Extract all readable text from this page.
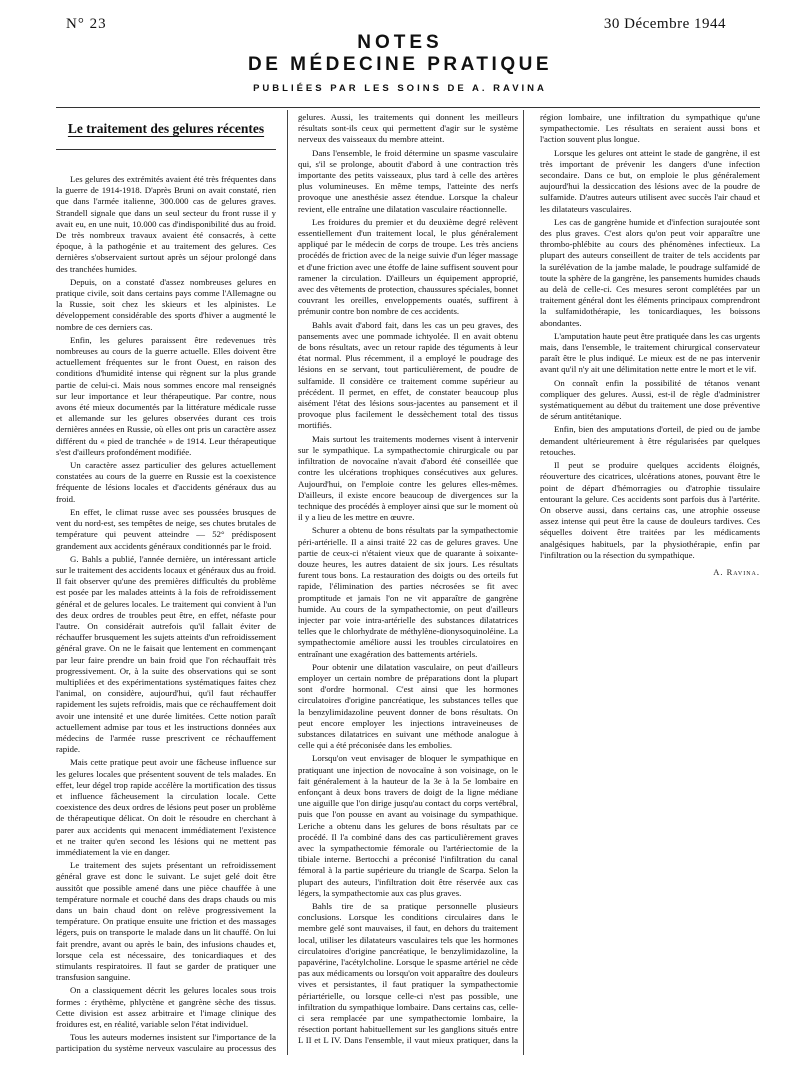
N° 23	30 Décembre 1944
NOTES
DE MÉDECINE PRATIQUE
PUBLIÉES PAR LES SOINS DE A. RAVINA
Le traitement des gelures récentes

Les gelures des extrémités avaient été très fréquentes dans la guerre de 1914-1918. D'après Bruni on avait constaté, rien que dans l'armée italienne, 300.000 cas de gelures graves. Strandell signale que dans un seul secteur du front russe il y avait eu, en une nuit, 10.000 cas d'indisponibilité dus au froid. De très nombreux travaux avaient été consacrés, à cette époque, à la pathogénie et au traitement des gelures. Ces dernières s'observaient surtout après un séjour prolongé dans des tranchées humides.

Depuis, on a constaté d'assez nombreuses gelures en pratique civile, soit dans certains pays comme l'Allemagne ou la Russie, soit chez les skieurs et les alpinistes. Le développement considérable des sports d'hiver a augmenté le nombre de ces derniers cas.

Enfin, les gelures paraissent être redevenues très nombreuses au cours de la guerre actuelle. Elles doivent être actuellement fréquentes sur le front Ouest, en raison des conditions d'humidité intense qui règnent sur la plus grande partie de celui-ci. Mais nous sommes encore mal renseignés sur leur importance et leur thérapeutique. Par contre, nous avons été mieux documentés par la littérature médicale russe et allemande sur les gelures observées durant ces trois dernières années en Russie, où elles ont pris un caractère assez différent du « pied de tranchée » de 1914. Leur thérapeutique s'est d'ailleurs profondément modifiée.

Un caractère assez particulier des gelures actuellement constatées au cours de la guerre en Russie est la coexistence fréquente de lésions locales et d'accidents généraux dus au froid.

En effet, le climat russe avec ses poussées brusques de vent du nord-est, ses tempêtes de neige, ses chutes brutales de température qui peuvent atteindre — 52° prédisposent grandement aux accidents généraux conditionnés par le froid.

G. Bahls a publié, l'année dernière, un intéressant article sur le traitement des accidents locaux et généraux dus au froid. Il fait observer qu'une des premières difficultés du problème est posée par les malades atteints à la fois de refroidissement général et de gelures locales. Le traitement qui convient à l'un des deux ordres de troubles peut être, en effet, néfaste pour l'autre. On considérait autrefois qu'il fallait éviter de réchauffer brusquement les sujets atteints d'un refroidissement général grave. On ne le faisait que lentement en commençant par leur faire prendre un bain froid que l'on réchauffait très progressivement. Or, à la suite des observations qui se sont multipliées et des expérimentations systématiques faites chez l'animal, on considère, aujourd'hui, qu'il faut réchauffer rapidement les sujets refroidis, mais que ce réchauffement doit avoir une intensité et une durée limitées. Cette notion paraît actuellement admise par tous et les instructions données aux médecins de l'armée russe prescrivent ce réchauffement rapide.

Mais cette pratique peut avoir une fâcheuse influence sur les gelures locales que présentent souvent de tels malades. En effet, leur dégel trop rapide accélère la mortification des tissus et influence fâcheusement la circulation locale. Cette coexistence des deux ordres de lésions peut poser un problème de thérapeutique délicat. On doit le résoudre en cherchant à parer aux accidents qui menacent immédiatement l'existence et ne traiter qu'en second les lésions qui ne mettent pas immédiatement la vie en danger.

Le traitement des sujets présentant un refroidissement général grave est donc le suivant. Le sujet gelé doit être aussitôt que possible amené dans une pièce chauffée à une température normale et couché dans des draps chauds ou mis dans un bain chaud dont on relève progressivement la température. On pratique ensuite une friction et des massages légers, puis on transporte le malade dans un lit chauffé. On lui fait prendre, avant ou après le bain, des infusions chaudes et, lorsque cela est nécessaire, des tonicardiaques et des stimulants respiratoires. Il faut se garder de pratiquer une transfusion sanguine.

On a classiquement décrit les gelures locales sous trois formes : érythème, phlyctène et gangrène sèche des tissus. Cette division est assez arbitraire et l'image clinique des froidures est, en réalité, variable selon l'état individuel.

Tous les auteurs modernes insistent sur l'importance de la participation du système nerveux vasculaire au processus des gelures. Aussi, les traitements qui donnent les meilleurs résultats sont-ils ceux qui permettent d'agir sur le système nerveux des vaisseaux du membre atteint.

Dans l'ensemble, le froid détermine un spasme vasculaire qui, s'il se prolonge, aboutit d'abord à une contraction très importante des petits vaisseaux, plus tard à celle des artères plus volumineuses. En même temps, l'atteinte des nerfs provoque une anesthésie assez étendue. Lorsque la chaleur revient, elle entraîne une dilatation vasculaire réactionnelle.

Les froidures du premier et du deuxième degré relèvent essentiellement d'un traitement local, le plus généralement appliqué par le médecin de corps de troupe. Les très anciens procédés de friction avec de la neige suivie d'un léger massage et d'une friction avec une étoffe de laine suffisent souvent pour ramener la circulation. D'ailleurs un équipement approprié, avec des vêtements de protection, chaussures spéciales, bonnet couvrant les oreilles, enveloppements ouatés, suffirent à prémunir contre bon nombre de ces accidents.

Bahls avait d'abord fait, dans les cas un peu graves, des pansements avec une pommade ichtyolée. Il en avait obtenu de bons résultats, avec un retour rapide des téguments à leur état normal. Plus récemment, il a employé le poudrage des lésions en se servant, tout particulièrement, de poudre de sulfamide. Il considère ce traitement comme supérieur au précédent. Il permet, en effet, de constater beaucoup plus aisément l'état des lésions sous-jacentes au pansement et il provoque plus facilement le dessèchement total des tissus mortifiés.

Mais surtout les traitements modernes visent à intervenir sur le sympathique. La sympathectomie chirurgicale ou par infiltration de novocaïne n'avait d'abord été conseillée que contre les ulcérations trophiques consécutives aux gelures. Aujourd'hui, on l'emploie contre les gelures elles-mêmes. D'ailleurs, il existe encore beaucoup de divergences sur la technique des procédés à employer ainsi que sur le moment où il y a lieu de les mettre en œuvre.

Schurer a obtenu de bons résultats par la sympathectomie péri-artérielle. Il a ainsi traité 22 cas de gelures graves. Une partie de ceux-ci n'étaient vieux que de quarante à soixante-douze heures, les autres dataient de six jours. Les résultats furent tous bons. La restauration des doigts ou des orteils fut rapide, l'élimination des parties nécrosées se fit avec promptitude et jamais l'on ne vit apparaître de gangrène humide. Au cours de la sympathectomie, on peut d'ailleurs injecter par voie intra-artérielle des substances dilatatrices telles que le chlorhydrate de méthylène-dionysoquinoléine. La sympathectomie améliore aussi les troubles circulatoires en entraînant une exagération des battements artériels.

Pour obtenir une dilatation vasculaire, on peut d'ailleurs employer un certain nombre de préparations dont la plupart sont d'ordre hormonal. C'est ainsi que les hormones circulatoires d'origine pancréatique, les substances telles que la benzylimidazoline peuvent donner de bons résultats. On peut encore employer les injections intraveineuses de substances dilatatrices en suivant une méthode analogue à celle qui a été préconisée dans les embolies.

Lorsqu'on veut envisager de bloquer le sympathique en pratiquant une injection de novocaïne à son voisinage, on le fait généralement à la hauteur de la 3e à la 5e lombaire en enfonçant à deux bons travers de doigt de la ligne médiane une aiguille que l'on dirige jusqu'au contact du corps vertébral, puis que l'on pousse en avant au voisinage du sympathique. Leriche a obtenu dans les gelures de bons résultats par ce procédé. Il l'a combiné dans des cas particulièrement graves avec la sympathectomie fémorale ou l'artériectomie de la tibiale interne. Bertocchi a préconisé l'infiltration du canal fémoral à la partie supérieure du triangle de Scarpa. Selon la plupart des auteurs, l'infiltration doit être réservée aux cas légers, la sympathectomie aux cas plus graves.

Bahls tire de sa pratique personnelle plusieurs conclusions. Lorsque les conditions circulaires dans le membre gelé sont mauvaises, il faut, en dehors du traitement local, utiliser les dilatateurs vasculaires tels que les hormones circulatoires d'origine pancréatique, le benzylimidazoline, la papavérine, l'acétylcholine. Lorsque le spasme artériel ne cède pas aux médicaments ou lorsqu'on voit apparaître des douleurs vives et persistantes, il faut pratiquer la sympathectomie périartérielle, ou lorsque celle-ci n'est pas possible, une infiltration du sympathique lombaire. Dans certains cas, celle-ci sera remplacée par une sympathectomie lombaire, la résection portant habituellement sur les ganglions situés entre L II et L IV. Dans l'ensemble, il vaut mieux pratiquer, dans la région lombaire, une infiltration du sympathique qu'une sympathectomie. Les résultats en seraient aussi bons et l'action souvent plus longue.

Lorsque les gelures ont atteint le stade de gangrène, il est très important de prévenir les dangers d'une infection secondaire. Dans ce but, on emploie le plus généralement aujourd'hui la dessiccation des lésions avec de la poudre de sulfamide. D'autres auteurs utilisent avec succès l'air chaud et les dilatateurs vasculaires.

Les cas de gangrène humide et d'infection surajoutée sont des plus graves. C'est alors qu'on peut voir apparaître une thrombo-phlébite au cours des phénomènes infectieux. La plupart des auteurs conseillent de traiter de tels accidents par la surélévation de la jambe malade, le poudrage sulfamidé de toute la sphère de la gangrène, les pansements humides chauds au delà de celle-ci. Ces mesures seront complétées par un traitement général dont les éléments principaux comprendront la sulfamidothérapie, les tonicardiaques, les boissons abondantes.

L'amputation haute peut être pratiquée dans les cas urgents mais, dans l'ensemble, le traitement chirurgical conservateur paraît être le plus indiqué. Le mieux est de ne pas intervenir avant qu'il n'y ait une délimitation nette entre le mort et le vif.

On connaît enfin la possibilité de tétanos venant compliquer des gelures. Aussi, est-il de règle d'administrer systématiquement au début du traitement une dose préventive de sérum antitétanique.

Enfin, bien des amputations d'orteil, de pied ou de jambe demandent ultérieurement à être régularisées par quelques retouches.

Il peut se produire quelques accidents éloignés, réouverture des cicatrices, ulcérations atones, pouvant être le point de départ d'hémorragies ou d'atrophie tissulaire entourant la gelure. Ces accidents sont parfois dus à l'artérite. On observe aussi, dans certains cas, une atrophie osseuse assez intense qui peut être la cause de douleurs tardives. Ces séquelles doivent être traitées par les médicaments analgésiques habituels, par la physiothérapie, enfin par l'infiltration ou la résection du sympathique.

A. Ravina.
